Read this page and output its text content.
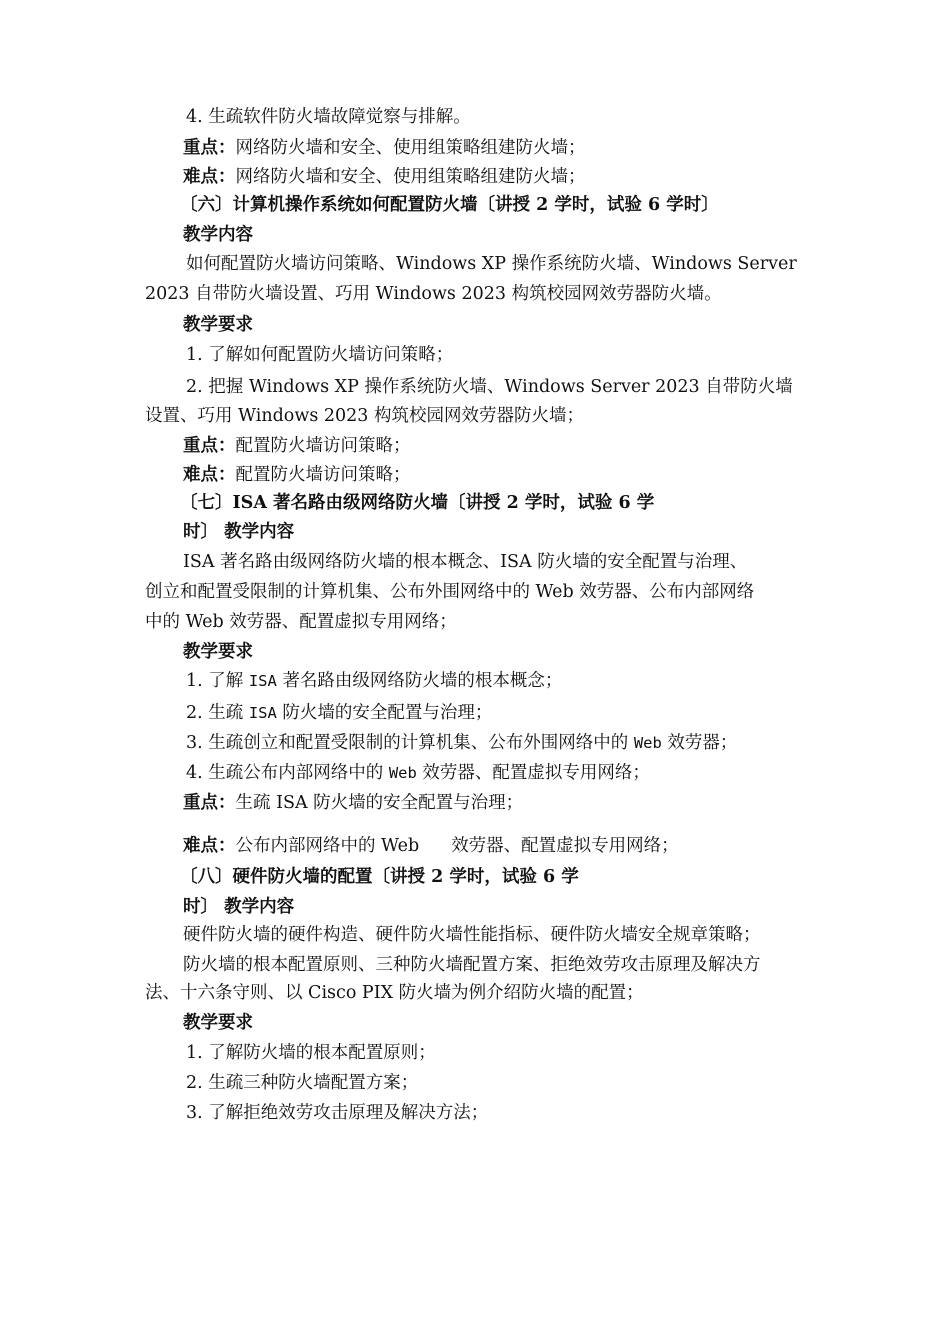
4. 生疏软件防火墙故障觉察与排解。
重点：网络防火墙和安全、使用组策略组建防火墙；
难点：网络防火墙和安全、使用组策略组建防火墙；
〔六〕计算机操作系统如何配置防火墙〔讲授 2 学时，试验 6 学时〕
教学内容
如何配置防火墙访问策略、Windows XP 操作系统防火墙、Windows Server
2023 自带防火墙设置、巧用 Windows 2023 构筑校园网效劳器防火墙。
教学要求
1. 了解如何配置防火墙访问策略；
2. 把握 Windows XP 操作系统防火墙、Windows Server 2023 自带防火墙
设置、巧用 Windows 2023 构筑校园网效劳器防火墙；
重点：配置防火墙访问策略；
难点：配置防火墙访问策略；
〔七〕ISA 著名路由级网络防火墙〔讲授 2 学时，试验 6 学
时〕 教学内容
ISA 著名路由级网络防火墙的根本概念、ISA 防火墙的安全配置与治理、
创立和配置受限制的计算机集、公布外围网络中的 Web 效劳器、公布内部网络
中的 Web 效劳器、配置虚拟专用网络；
教学要求
1. 了解 ISA 著名路由级网络防火墙的根本概念；
2. 生疏 ISA 防火墙的安全配置与治理；
3. 生疏创立和配置受限制的计算机集、公布外围网络中的 Web 效劳器；
4. 生疏公布内部网络中的 Web 效劳器、配置虚拟专用网络；
重点：生疏 ISA 防火墙的安全配置与治理；
难点：公布内部网络中的 Web 效劳器、配置虚拟专用网络；
〔八〕硬件防火墙的配置〔讲授 2 学时，试验 6 学
时〕 教学内容
硬件防火墙的硬件构造、硬件防火墙性能指标、硬件防火墙安全规章策略；
防火墙的根本配置原则、三种防火墙配置方案、拒绝效劳攻击原理及解决方
法、十六条守则、以 Cisco PIX 防火墙为例介绍防火墙的配置；
教学要求
1. 了解防火墙的根本配置原则；
2. 生疏三种防火墙配置方案；
3. 了解拒绝效劳攻击原理及解决方法；
